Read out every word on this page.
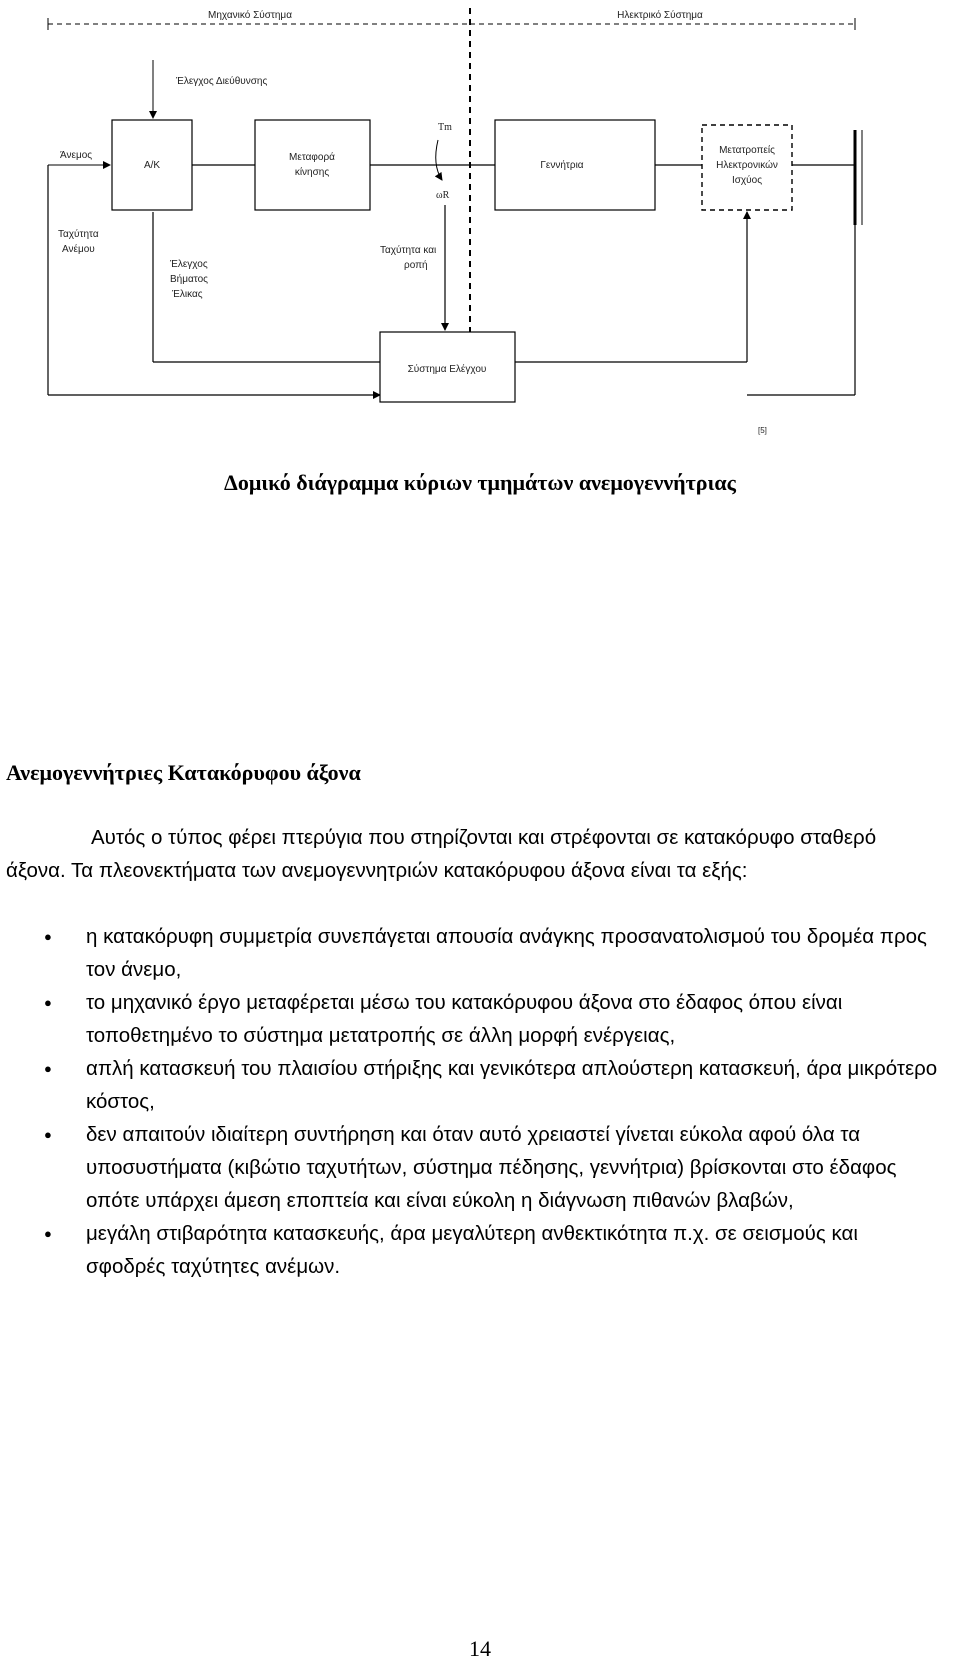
Μηχανικό Σύστημα	Ηλεκτρικό Σύστημα
Έλεγχος Διεύθυνσης
Α/Κ
Άνεμος	Μεταφορά
κίνησης
Tm
ωR
Γεννήτρια
Μετατροπείς
Ηλεκτρονικών
Ισχύος
Ταχύτητα
Ανέμου
Έλεγχος
Βήματος
Έλικας
Ταχύτητα και
ροπή
Σύστημα Ελέγχου
[5]
Δομικό διάγραμμα κύριων τμημάτων ανεμογεννήτριας
Ανεμογεννήτριες Κατακόρυφου άξονα
Αυτός ο τύπος φέρει πτερύγια που στηρίζονται και στρέφονται σε κατακόρυφο σταθερό άξονα. Τα πλεονεκτήματα των ανεμογεννητριών κατακόρυφου άξονα είναι τα εξής:
● η κατακόρυφη συμμετρία συνεπάγεται απουσία ανάγκης προσανατολισμού του δρομέα προς τον άνεμο,
● το μηχανικό έργο μεταφέρεται μέσω του κατακόρυφου άξονα στο έδαφος όπου είναι τοποθετημένο το σύστημα μετατροπής σε άλλη μορφή ενέργειας,
● απλή κατασκευή του πλαισίου στήριξης και γενικότερα απλούστερη κατασκευή, άρα μικρότερο κόστος,
● δεν απαιτούν ιδιαίτερη συντήρηση και όταν αυτό χρειαστεί γίνεται εύκολα αφού όλα τα υποσυστήματα (κιβώτιο ταχυτήτων, σύστημα πέδησης, γεννήτρια) βρίσκονται στο έδαφος οπότε υπάρχει άμεση εποπτεία και είναι εύκολη η διάγνωση πιθανών βλαβών,
● μεγάλη στιβαρότητα κατασκευής, άρα μεγαλύτερη ανθεκτικότητα π.χ. σε σεισμούς και σφοδρές ταχύτητες ανέμων.
14
